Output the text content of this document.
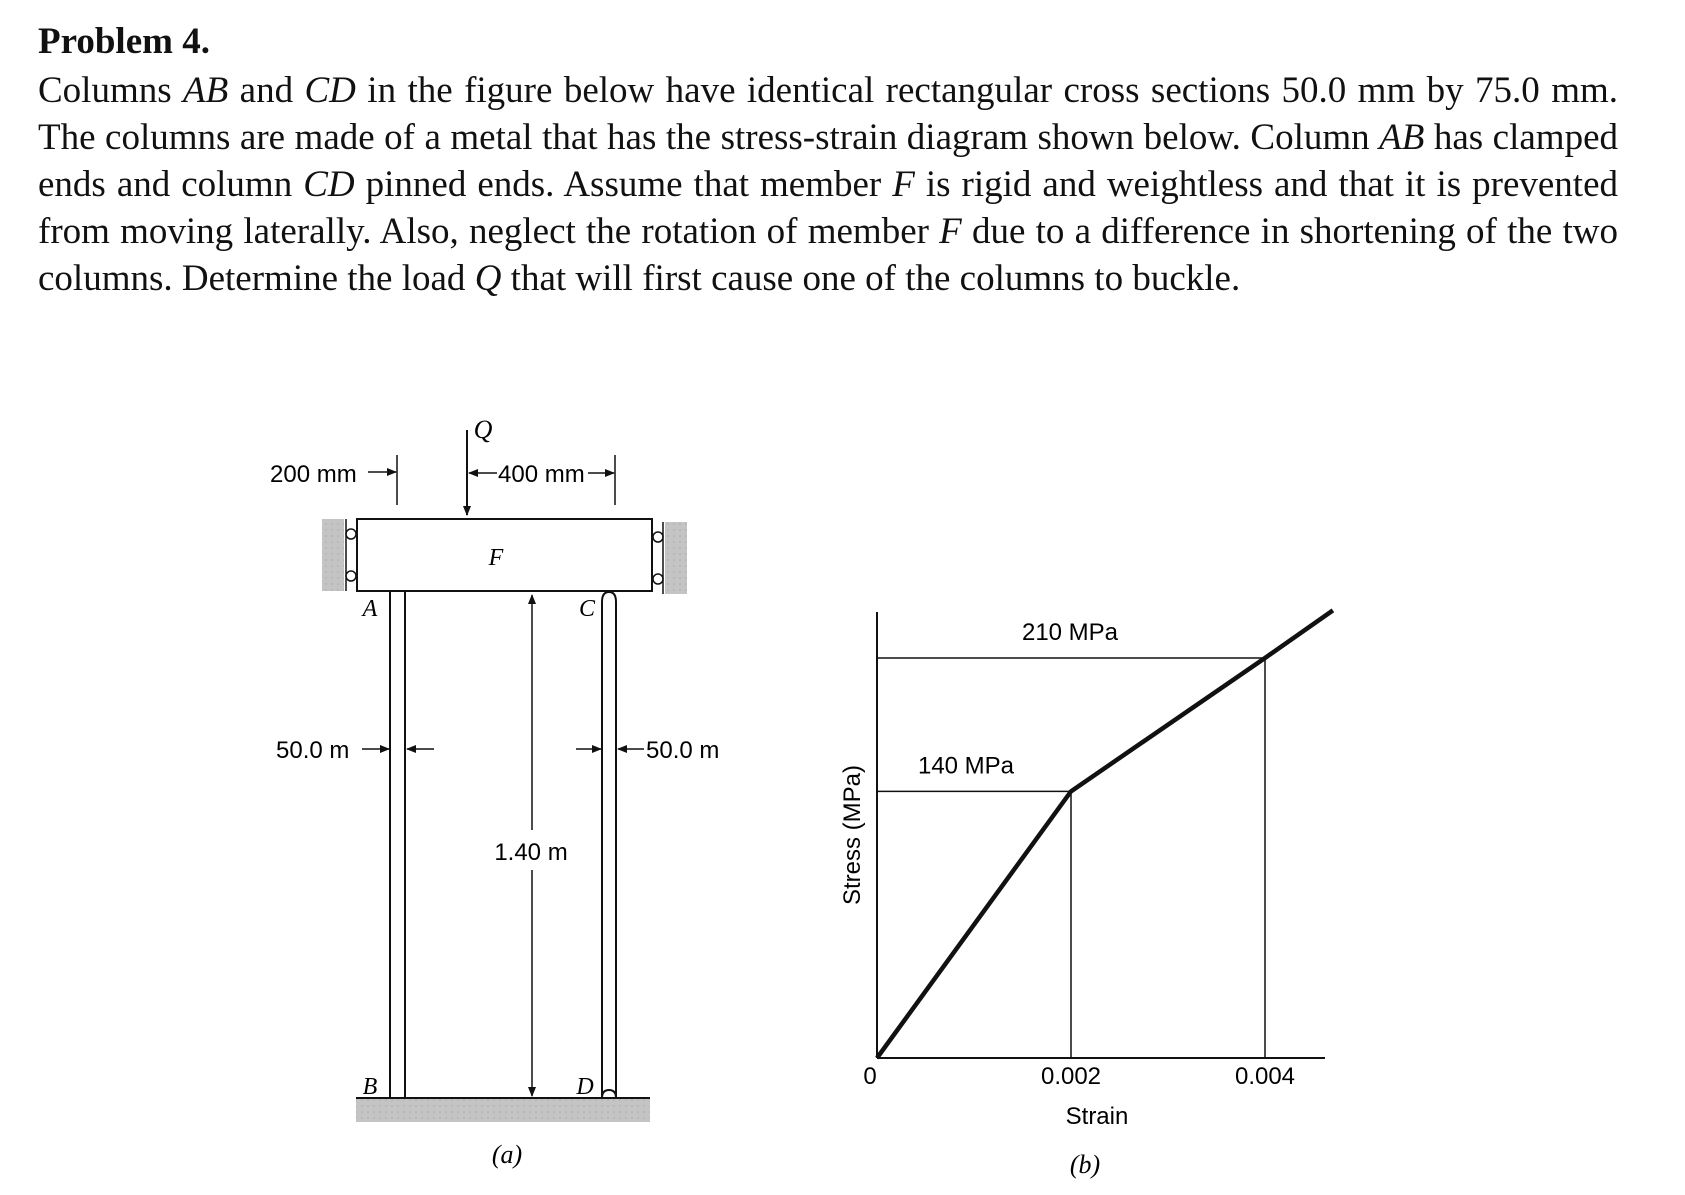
Problem 4.

Columns AB and CD in the figure below have identical rectangular cross sections 50.0 mm by 75.0 mm. The columns are made of a metal that has the stress-strain diagram shown below. Column AB has clamped ends and column CD pinned ends. Assume that member F is rigid and weightless and that it is prevented from moving laterally. Also, neglect the rotation of member F due to a difference in shortening of the two columns. Determine the load Q that will first cause one of the columns to buckle.

F
A	C
B	D
Q
200 mm	400 mm
50.0 m	50.0 m
1.40 m
(a)
140 MPa
210 MPa
0	0.002	0.004
Stress (MPa)
Strain
(b)
